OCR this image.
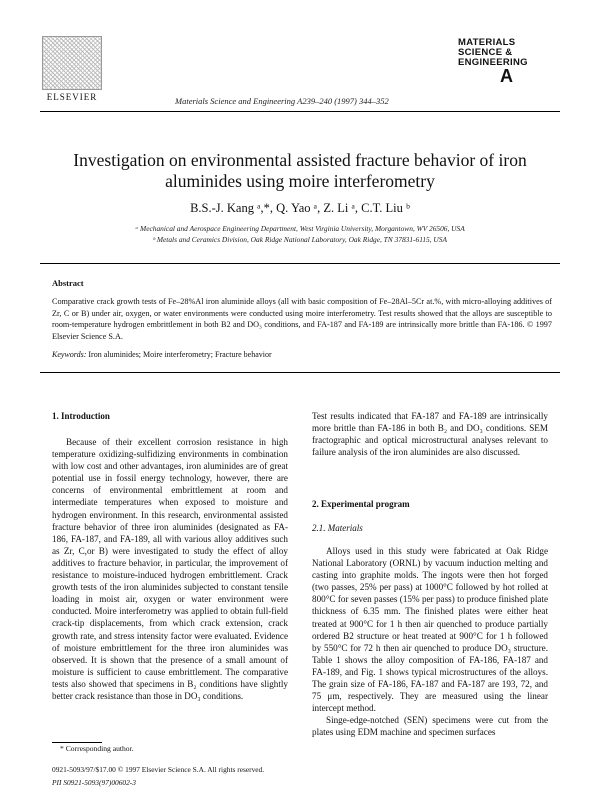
ELSEVIER	Materials Science and Engineering A239–240 (1997) 344–352
MATERIALS
SCIENCE &
ENGINEERING
A
Investigation on environmental assisted fracture behavior of iron aluminides using moire interferometry
B.S.-J. Kang ᵃ,*, Q. Yao ᵃ, Z. Li ᵃ, C.T. Liu ᵇ
ᵃ Mechanical and Aerospace Engineering Department, West Virginia University, Morgantown, WV 26506, USA
ᵇ Metals and Ceramics Division, Oak Ridge National Laboratory, Oak Ridge, TN 37831-6115, USA
Abstract
Comparative crack growth tests of Fe–28%Al iron aluminide alloys (all with basic composition of Fe–28Al–5Cr at.%, with micro-alloying additives of Zr, C or B) under air, oxygen, or water environments were conducted using moire interferometry. Test results showed that the alloys are susceptible to room-temperature hydrogen embrittlement in both B2 and DO₃ conditions, and FA-187 and FA-189 are intrinsically more brittle than FA-186. © 1997 Elsevier Science S.A.
Keywords: Iron aluminides; Moire interferometry; Fracture behavior
1. Introduction

Because of their excellent corrosion resistance in high temperature oxidizing-sulfidizing environments in combination with low cost and other advantages, iron aluminides are of great potential use in fossil energy technology, however, there are concerns of environmental embrittlement at room and intermediate temperatures when exposed to moisture and hydrogen environment. In this research, environmental assisted fracture behavior of three iron aluminides (designated as FA-186, FA-187, and FA-189, all with various alloy additives such as Zr, C,or B) were investigated to study the effect of alloy additives to fracture behavior, in particular, the improvement of resistance to moisture-induced hydrogen embrittlement. Crack growth tests of the iron aluminides subjected to constant tensile loading in moist air, oxygen or water environment were conducted. Moire interferometry was applied to obtain full-field crack-tip displacements, from which crack extension, crack growth rate, and stress intensity factor were evaluated. Evidence of moisture embrittlement for the three iron aluminides was observed. It is shown that the presence of a small amount of moisture is sufficient to cause embrittlement. The comparative tests also showed that specimens in B₂ conditions have slightly better crack resistance than those in DO₃ conditions.

Test results indicated that FA-187 and FA-189 are intrinsically more brittle than FA-186 in both B₂ and DO₃ conditions. SEM fractographic and optical microstructural analyses relevant to failure analysis of the iron aluminides are also discussed.

2. Experimental program
2.1. Materials

Alloys used in this study were fabricated at Oak Ridge National Laboratory (ORNL) by vacuum induction melting and casting into graphite molds. The ingots were then hot forged (two passes, 25% per pass) at 1000°C followed by hot rolled at 800°C for seven passes (15% per pass) to produce finished plate thickness of 6.35 mm. The finished plates were either heat treated at 900°C for 1 h then air quenched to produce partially ordered B2 structure or heat treated at 900°C for 1 h followed by 550°C for 72 h then air quenched to produce DO₃ structure. Table 1 shows the alloy composition of FA-186, FA-187 and FA-189, and Fig. 1 shows typical microstructures of the alloys. The grain size of FA-186, FA-187 and FA-187 are 193, 72, and 75 μm, respectively. They are measured using the linear intercept method.

Singe-edge-notched (SEN) specimens were cut from the plates using EDM machine and specimen surfaces

* Corresponding author.
0921-5093/97/$17.00 © 1997 Elsevier Science S.A. All rights reserved.
PII S0921-5093(97)00602-3
